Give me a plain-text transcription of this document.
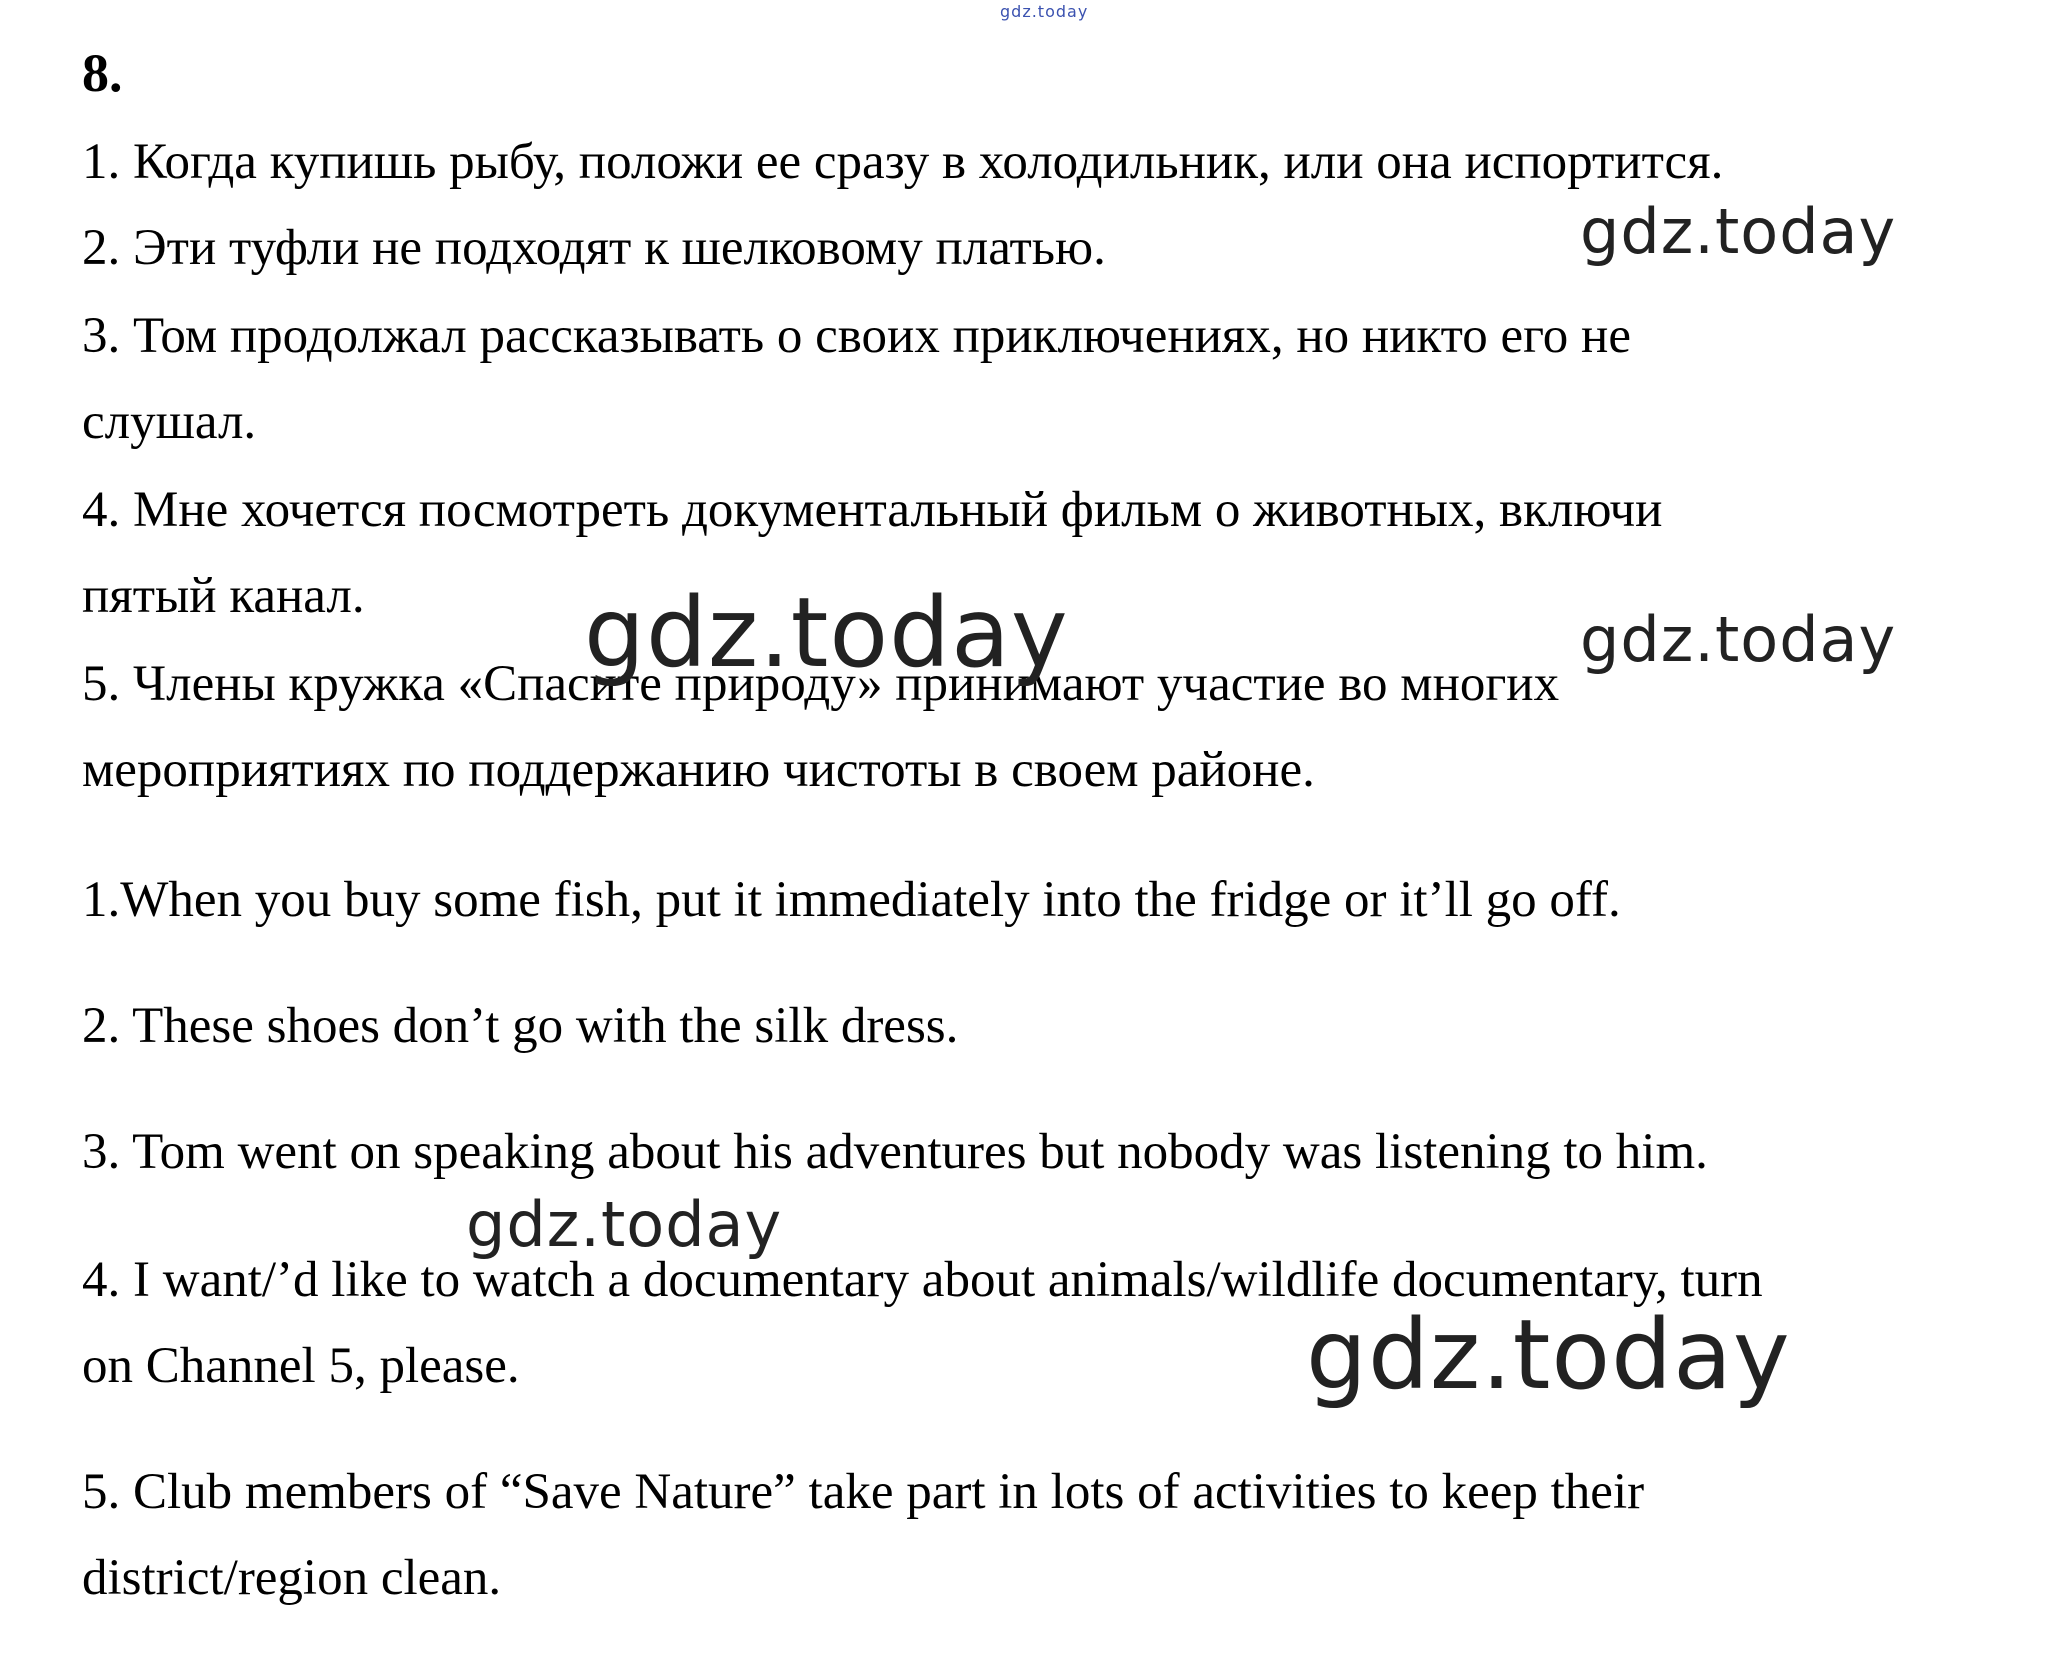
gdz.today
8.
1. Когда купишь рыбу, положи ее сразу в холодильник, или она испортится.
2. Эти туфли не подходят к шелковому платью.
3. Том продолжал рассказывать о своих приключениях, но никто его не
слушал.
4. Мне хочется посмотреть документальный фильм о животных, включи
пятый канал.
5. Члены кружка «Спасите природу» принимают участие во многих
мероприятиях по поддержанию чистоты в своем районе.
1.When you buy some fish, put it immediately into the fridge or it’ll go off.
2. These shoes don’t go with the silk dress.
3. Tom went on speaking about his adventures but nobody was listening to him.
4. I want/’d like to watch a documentary about animals/wildlife documentary, turn
on Channel 5, please.
5. Club members of “Save Nature” take part in lots of activities to keep their
district/region clean.
gdz.today
gdz.today	gdz.today
gdz.today
gdz.today
